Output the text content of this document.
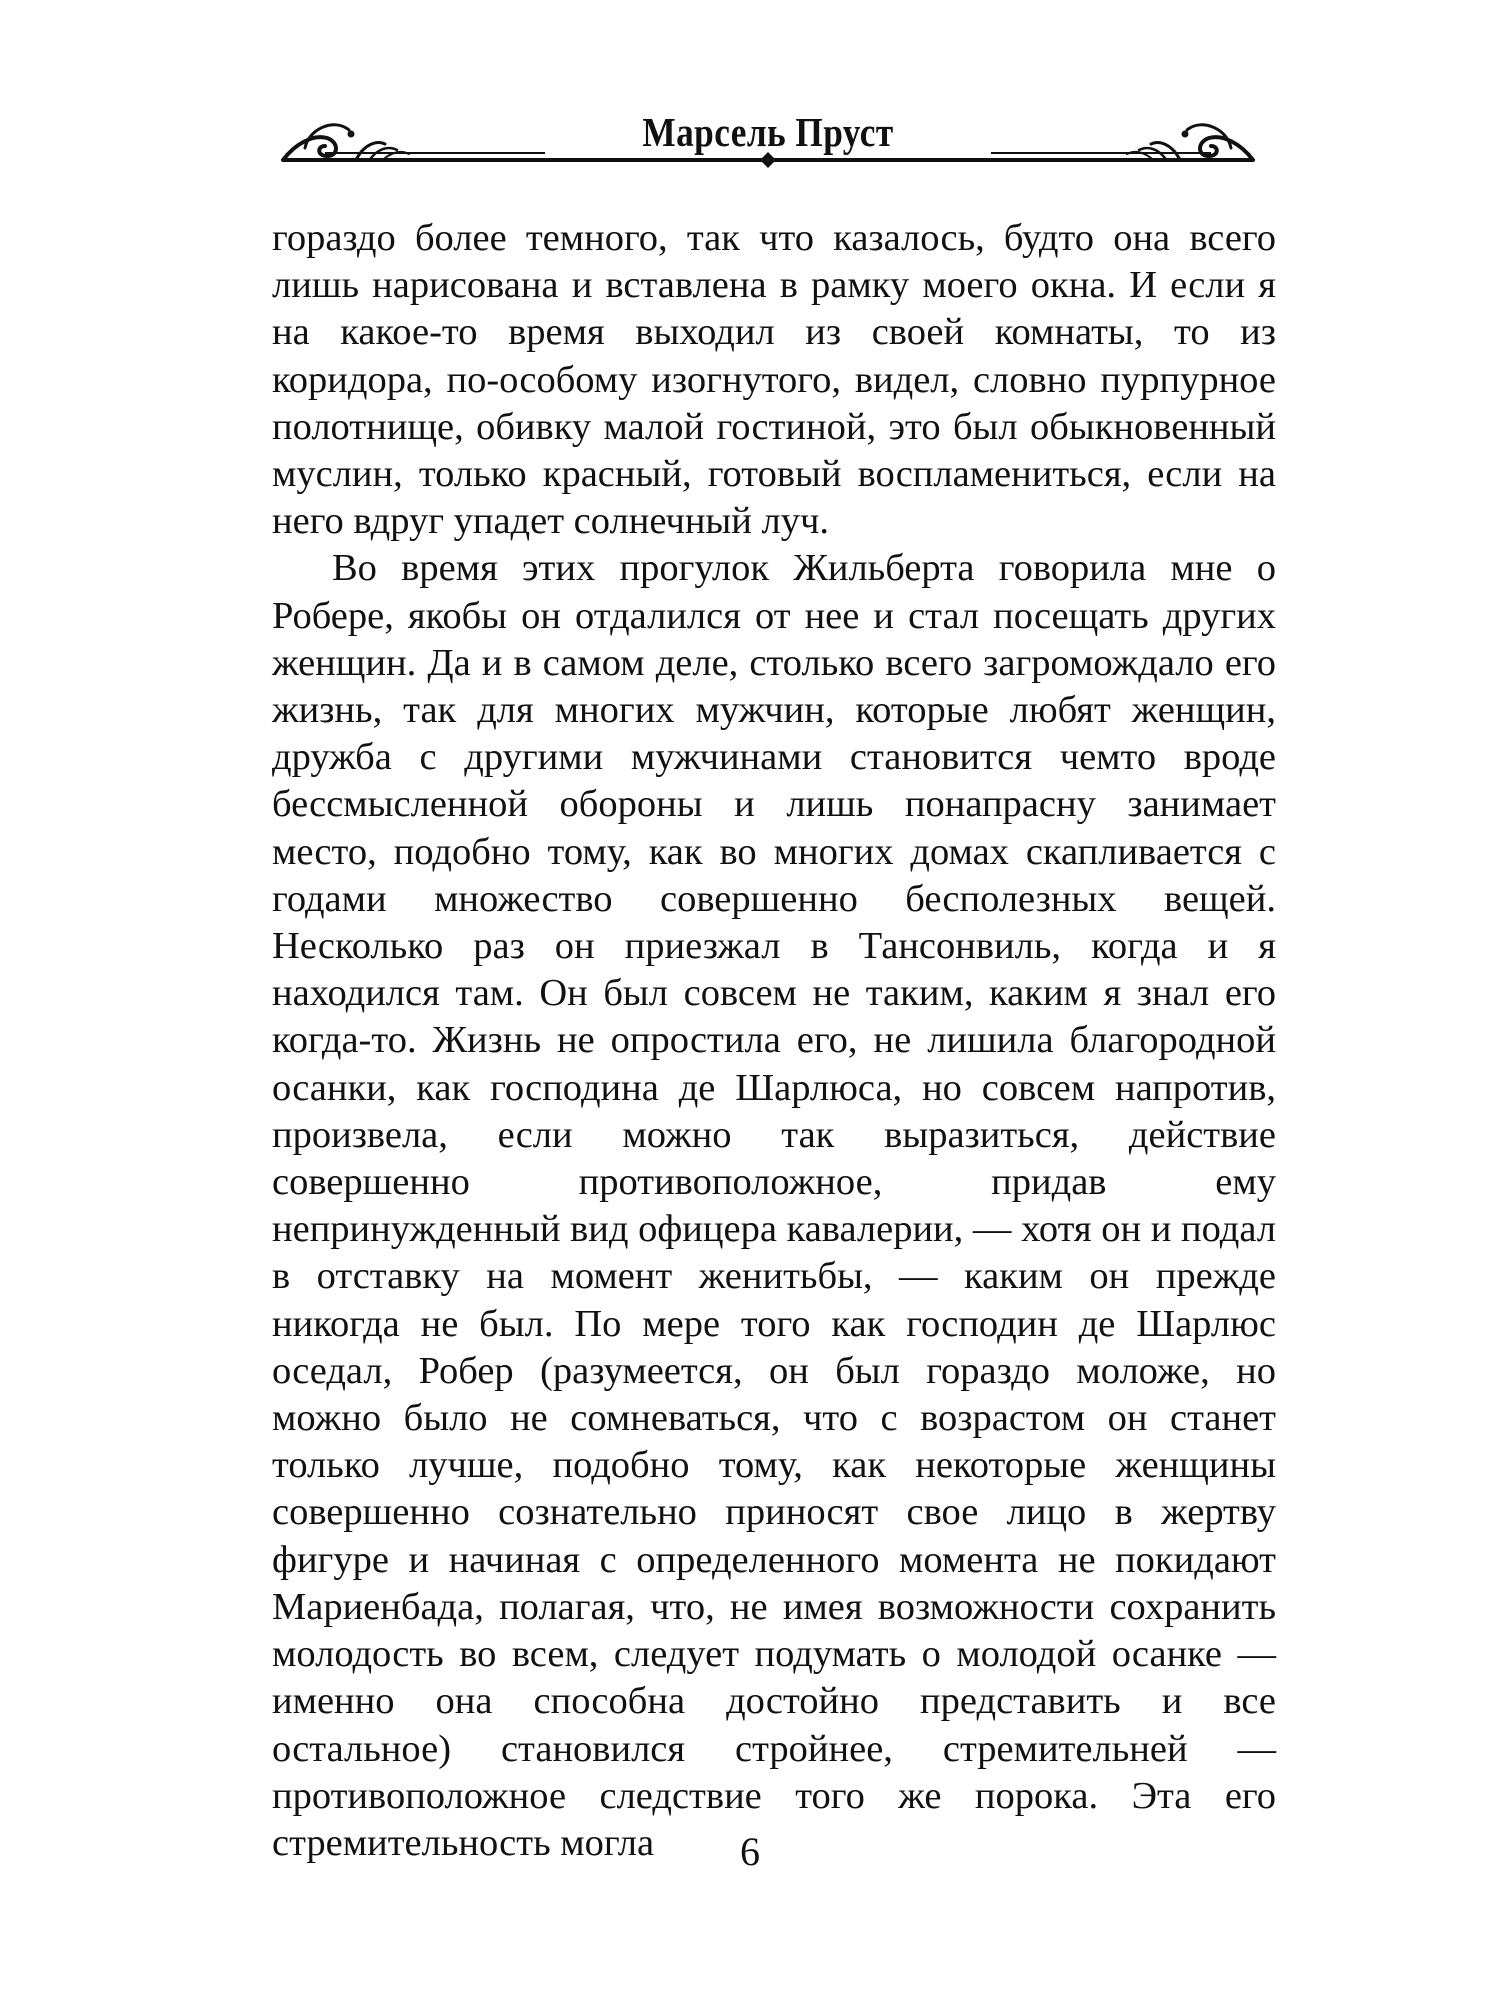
Марсель Пруст

гораздо более темного, так что казалось, будто она всего лишь нарисована и вставлена в рамку моего окна. И если я на какое-то время выходил из своей комнаты, то из коридора, по-особому изогнутого, видел, словно пурпурное полотнище, обивку малой гостиной, это был обыкновенный муслин, только красный, готовый воспламениться, если на него вдруг упадет солнечный луч.

Во время этих прогулок Жильберта говорила мне о Робере, якобы он отдалился от нее и стал посещать других женщин. Да и в самом деле, столько всего загромождало его жизнь, так для многих мужчин, которые любят женщин, дружба с другими мужчинами становится чемто вроде бессмысленной обороны и лишь понапрасну занимает место, подобно тому, как во многих домах скапливается с годами множество совершенно бесполезных вещей. Несколько раз он приезжал в Тансонвиль, когда и я находился там. Он был совсем не таким, каким я знал его когда-то. Жизнь не опростила его, не лишила благородной осанки, как господина де Шарлюса, но совсем напротив, произвела, если можно так выразиться, действие совершенно противоположное, придав ему непринужденный вид офицера кавалерии, — хотя он и подал в отставку на момент женитьбы, — каким он прежде никогда не был. По мере того как господин де Шарлюс оседал, Робер (разумеется, он был гораздо моложе, но можно было не сомневаться, что с возрастом он станет только лучше, подобно тому, как некоторые женщины совершенно сознательно приносят свое лицо в жертву фигуре и начиная с определенного момента не покидают Мариенбада, полагая, что, не имея возможности сохранить молодость во всем, следует подумать о молодой осанке — именно она способна достойно представить и все остальное) становился стройнее, стремительней — противоположное следствие того же порока. Эта его стремительность могла	6
